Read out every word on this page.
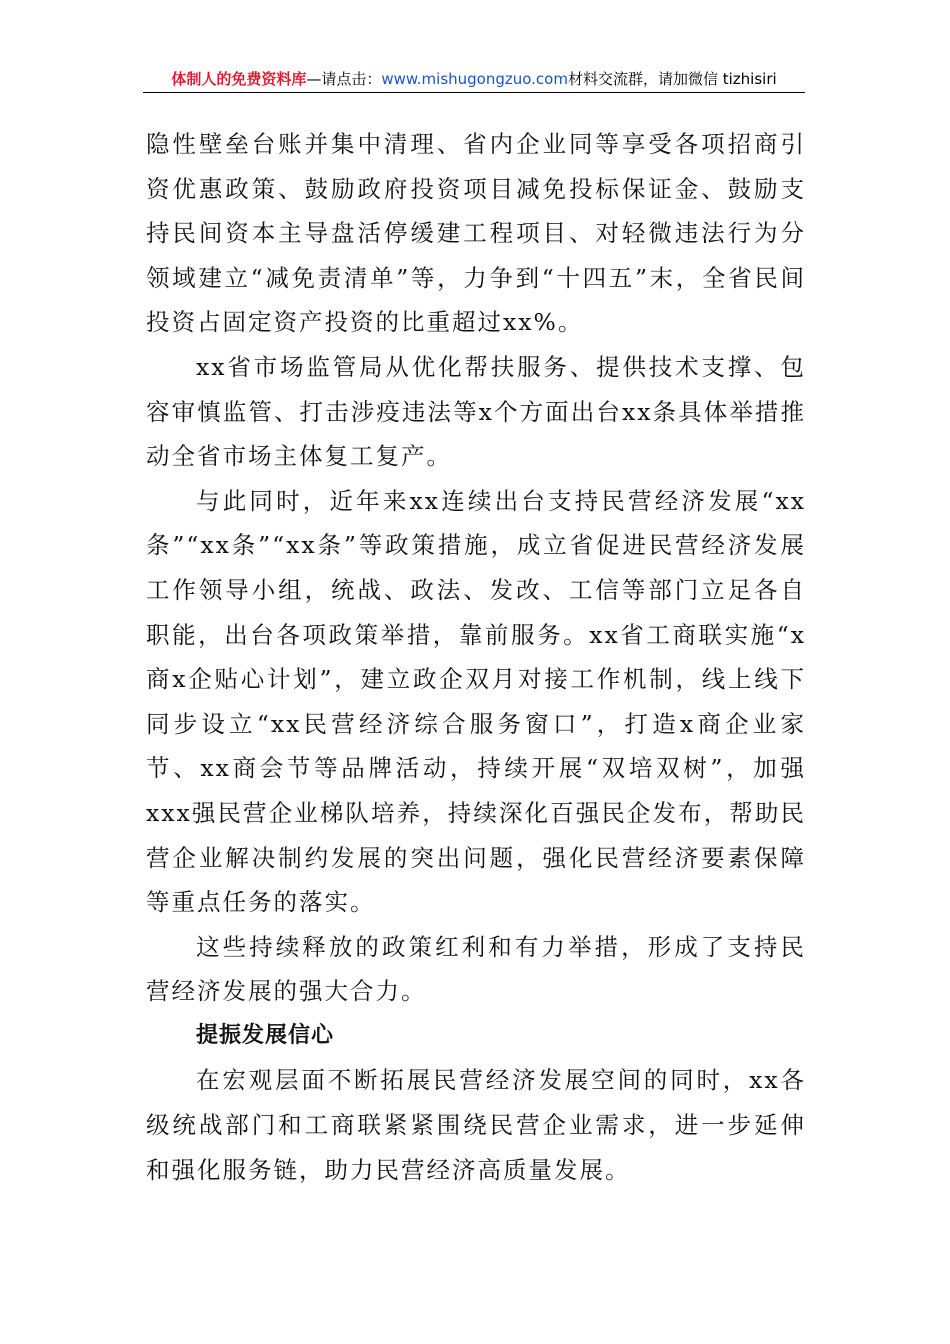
体制人的免费资料库—请点击：www.mishugongzuo.com材料交流群，请加微信 tizhisiri

隐性壁垒台账并集中清理、省内企业同等享受各项招商引资优惠政策、鼓励政府投资项目减免投标保证金、鼓励支持民间资本主导盘活停缓建工程项目、对轻微违法行为分领域建立“减免责清单”等，力争到“十四五”末，全省民间投资占固定资产投资的比重超过xx%。

xx省市场监管局从优化帮扶服务、提供技术支撑、包容审慎监管、打击涉疫违法等x个方面出台xx条具体举措推动全省市场主体复工复产。

与此同时，近年来xx连续出台支持民营经济发展“xx条”“xx条”“xx条”等政策措施，成立省促进民营经济发展工作领导小组，统战、政法、发改、工信等部门立足各自职能，出台各项政策举措，靠前服务。xx省工商联实施“x商x企贴心计划”，建立政企双月对接工作机制，线上线下同步设立“xx民营经济综合服务窗口”，打造x商企业家节、xx商会节等品牌活动，持续开展“双培双树”，加强xxx强民营企业梯队培养，持续深化百强民企发布，帮助民营企业解决制约发展的突出问题，强化民营经济要素保障等重点任务的落实。

这些持续释放的政策红利和有力举措，形成了支持民营经济发展的强大合力。

提振发展信心

在宏观层面不断拓展民营经济发展空间的同时，xx各级统战部门和工商联紧紧围绕民营企业需求，进一步延伸和强化服务链，助力民营经济高质量发展。
